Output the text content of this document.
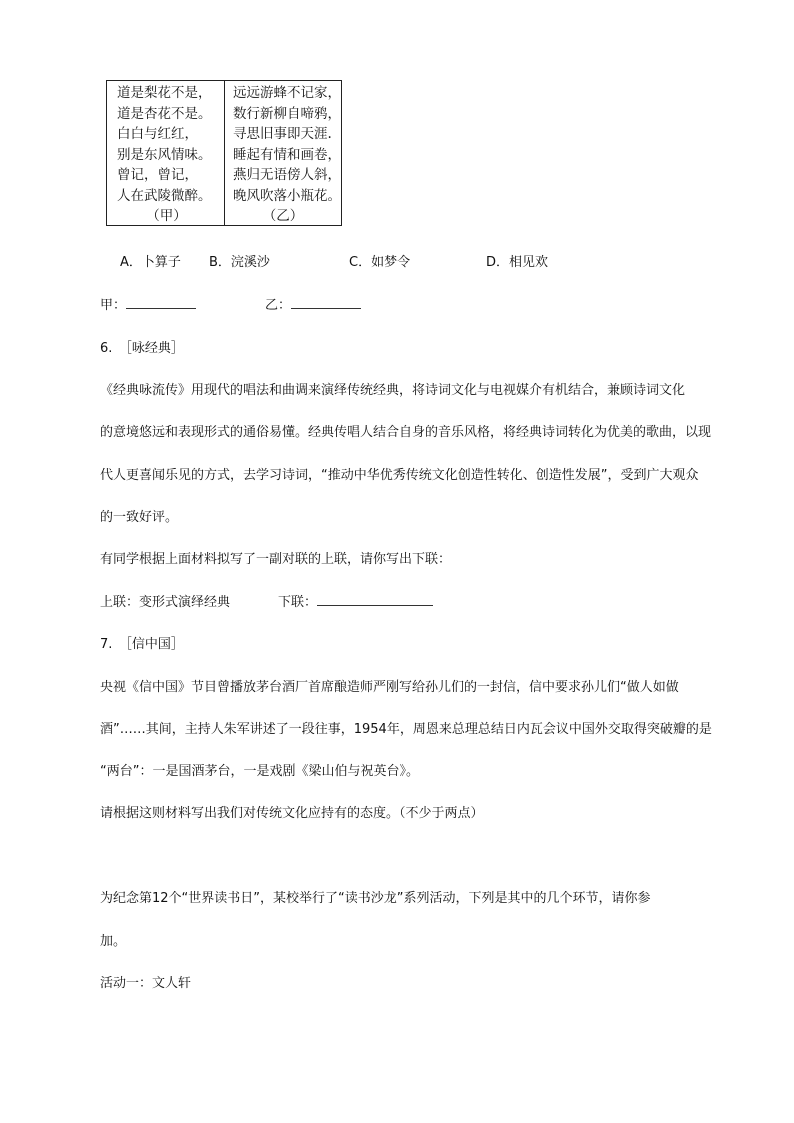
道是梨花不是，
道是杏花不是。
白白与红红，
别是东风情味。
曾记，曾记，
人在武陵微醉。
（甲）
远远游蜂不记家，
数行新柳自啼鸦，
寻思旧事即天涯.
睡起有情和画卷，
燕归无语傍人斜，
晚风吹落小瓶花。
（乙）
A．卜算子 B．浣溪沙	C．如梦令	D．相见欢
甲：	乙：
6.　［咏经典］
《经典咏流传》用现代的唱法和曲调来演绎传统经典，将诗词文化与电视媒介有机结合，兼顾诗词文化
的意境悠远和表现形式的通俗易懂。经典传唱人结合自身的音乐风格，将经典诗词转化为优美的歌曲，以现
代人更喜闻乐见的方式，去学习诗词，“推动中华优秀传统文化创造性转化、创造性发展”，受到广大观众
的一致好评。
有同学根据上面材料拟写了一副对联的上联，请你写出下联：
上联：变形式演绎经典	下联：
7.　［信中国］
央视《信中国》节目曾播放茅台酒厂首席酿造师严刚写给孙儿们的一封信，信中要求孙儿们“做人如做
酒”……其间，主持人朱军讲述了一段往事，1954年，周恩来总理总结日内瓦会议中国外交取得突破瓣的是
“两台”：一是国酒茅台，一是戏剧《梁山伯与祝英台》。
请根据这则材料写出我们对传统文化应持有的态度。（不少于两点）
为纪念第12个“世界读书日”，某校举行了“读书沙龙”系列活动，下列是其中的几个环节，请你参
加。
活动一：文人轩
